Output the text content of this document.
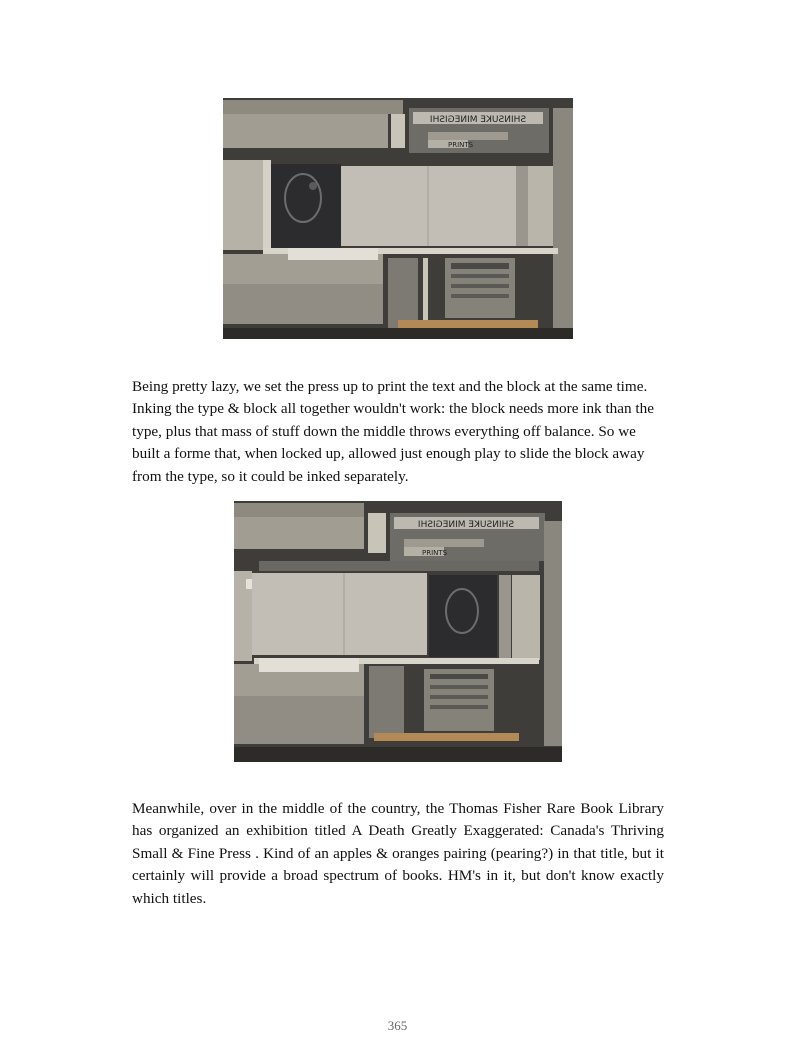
SHINSUKE MINEGISHI
PRINTS

Being pretty lazy, we set the press up to print the text and the block at the same time. Inking the type & block all together wouldn't work: the block needs more ink than the type, plus that mass of stuff down the middle throws everything off balance. So we built a forme that, when locked up, allowed just enough play to slide the block away from the type, so it could be inked separately.

SHINSUKE MINEGISHI
PRINTS

Meanwhile, over in the middle of the country, the Thomas Fisher Rare Book Library has organized an exhibition titled A Death Greatly Exaggerated: Canada's Thriving Small & Fine Press . Kind of an apples & oranges pairing (pearing?) in that title, but it certainly will provide a broad spectrum of books. HM's in it, but don't know exactly which titles.

365
